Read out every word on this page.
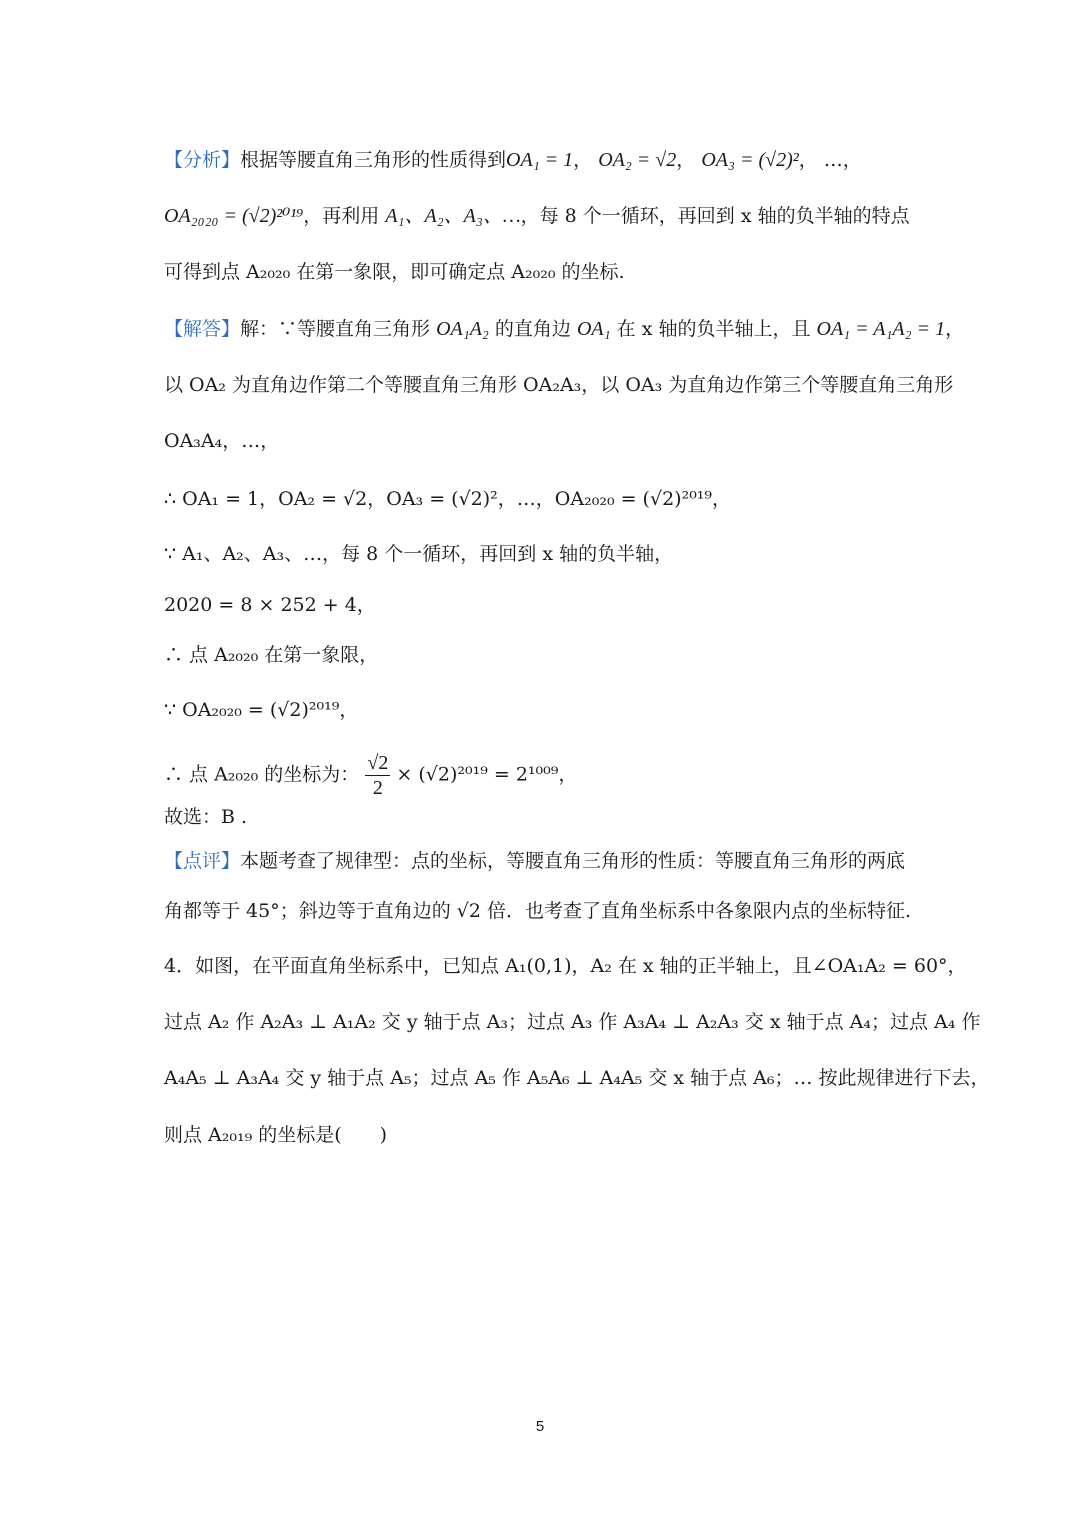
【分析】根据等腰直角三角形的性质得到OA₁ = 1， OA₂ = √2， OA₃ = (√2)²， …，
OA₂₀₂₀ = (√2)²⁰¹⁹，再利用 A₁、A₂、A₃、…，每 8 个一循环，再回到 x 轴的负半轴的特点
可得到点 A₂₀₂₀ 在第一象限，即可确定点 A₂₀₂₀ 的坐标.
【解答】解：∵等腰直角三角形 OA₁A₂ 的直角边 OA₁ 在 x 轴的负半轴上，且 OA₁ = A₁A₂ = 1，
以 OA₂ 为直角边作第二个等腰直角三角形 OA₂A₃，以 OA₃ 为直角边作第三个等腰直角三角形
OA₃A₄，…，
∴ OA₁ = 1，OA₂ = √2，OA₃ = (√2)²，…，OA₂₀₂₀ = (√2)²⁰¹⁹，
∵ A₁、A₂、A₃、…，每 8 个一循环，再回到 x 轴的负半轴，
2020 = 8 × 252 + 4，
∴ 点 A₂₀₂₀ 在第一象限，
∵ OA₂₀₂₀ = (√2)²⁰¹⁹，
∴ 点 A₂₀₂₀ 的坐标为： $\frac{√2}{2} \times (√2)^{2019} = 2^{1009}$，
故选：B .
【点评】本题考查了规律型：点的坐标，等腰直角三角形的性质：等腰直角三角形的两底
角都等于 45°；斜边等于直角边的 √2 倍．也考查了直角坐标系中各象限内点的坐标特征.
4．如图，在平面直角坐标系中，已知点 A₁(0,1)，A₂ 在 x 轴的正半轴上，且∠OA₁A₂ = 60°，
过点 A₂ 作 A₂A₃ ⊥ A₁A₂ 交 y 轴于点 A₃；过点 A₃ 作 A₃A₄ ⊥ A₂A₃ 交 x 轴于点 A₄；过点 A₄ 作
A₄A₅ ⊥ A₃A₄ 交 y 轴于点 A₅；过点 A₅ 作 A₅A₆ ⊥ A₄A₅ 交 x 轴于点 A₆；… 按此规律进行下去，
则点 A₂₀₁₉ 的坐标是(　　)
5
